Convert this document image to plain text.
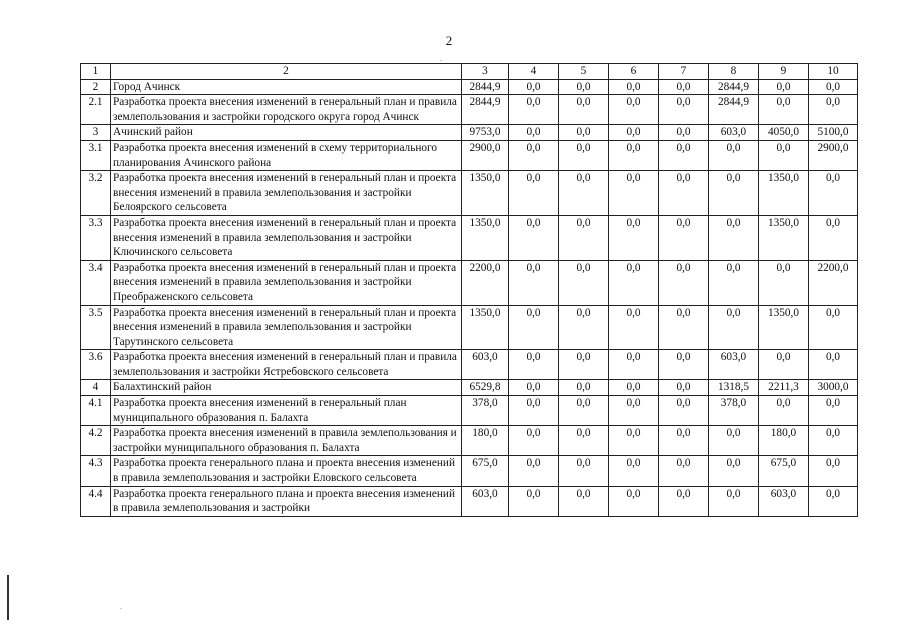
2
1	2	3	4	5	6	7	8	9	10
2	Город Ачинск	2844,9	0,0	0,0	0,0	0,0	2844,9	0,0	0,0
2.1	Разработка проекта внесения изменений в генеральный план и правила землепользования и застройки городского округа город Ачинск	2844,9	0,0	0,0	0,0	0,0	2844,9	0,0	0,0
3	Ачинский район	9753,0	0,0	0,0	0,0	0,0	603,0	4050,0	5100,0
3.1	Разработка проекта внесения изменений в схему территориального планирования Ачинского района	2900,0	0,0	0,0	0,0	0,0	0,0	0,0	2900,0
3.2	Разработка проекта внесения изменений в генеральный план и проекта внесения изменений в правила землепользования и застройки Белоярского сельсовета	1350,0	0,0	0,0	0,0	0,0	0,0	1350,0	0,0
3.3	Разработка проекта внесения изменений в генеральный план и проекта внесения изменений в правила землепользования и застройки Ключинского сельсовета	1350,0	0,0	0,0	0,0	0,0	0,0	1350,0	0,0
3.4	Разработка проекта внесения изменений в генеральный план и проекта внесения изменений в правила землепользования и застройки Преображенского сельсовета	2200,0	0,0	0,0	0,0	0,0	0,0	0,0	2200,0
3.5	Разработка проекта внесения изменений в генеральный план и проекта внесения изменений в правила землепользования и застройки Тарутинского сельсовета	1350,0	0,0	0,0	0,0	0,0	0,0	1350,0	0,0
3.6	Разработка проекта внесения изменений в генеральный план и правила землепользования и застройки Ястребовского сельсовета	603,0	0,0	0,0	0,0	0,0	603,0	0,0	0,0
4	Балахтинский район	6529,8	0,0	0,0	0,0	0,0	1318,5	2211,3	3000,0
4.1	Разработка проекта внесения изменений в генеральный план муниципального образования п. Балахта	378,0	0,0	0,0	0,0	0,0	378,0	0,0	0,0
4.2	Разработка проекта внесения изменений в правила землепользования и застройки муниципального образования п. Балахта	180,0	0,0	0,0	0,0	0,0	0,0	180,0	0,0
4.3	Разработка проекта генерального плана и проекта внесения изменений в правила землепользования и застройки Еловского сельсовета	675,0	0,0	0,0	0,0	0,0	0,0	675,0	0,0
4.4	Разработка проекта генерального плана и проекта внесения изменений в правила землепользования и застройки	603,0	0,0	0,0	0,0	0,0	0,0	603,0	0,0
